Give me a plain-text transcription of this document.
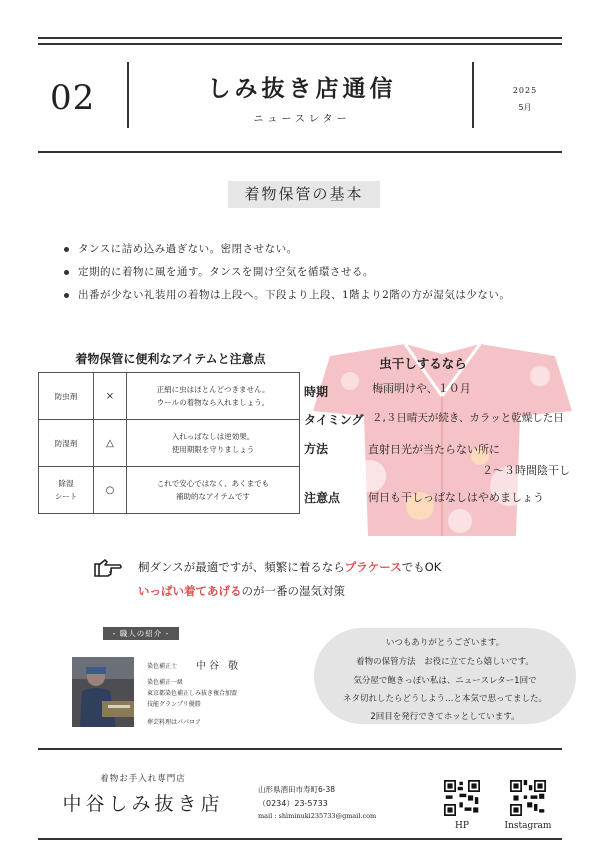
02	しみ抜き店通信
ニュースレター
2025
5月
着物保管の基本
タンスに詰め込み過ぎない。密閉させない。
定期的に着物に風を通す。タンスを開け空気を循環させる。
出番が少ない礼装用の着物は上段へ。下段より上段、1階より2階の方が湿気は少ない。
着物保管に便利なアイテムと注意点
防虫剤	×	正絹に虫はほとんどつきません。
ウールの着物なら入れましょう。
防湿剤	△	入れっぱなしは逆効果。
使用期限を守りましょう
除湿
シート	○	これで安心ではなく、あくまでも
補助的なアイテムです
虫干しするなら
時期	梅雨明けや、１０月
タイミング ２,３日晴天が続き、カラッと乾燥した日
方法	直射日光が当たらない所に
２～３時間陰干し
注意点	何日も干しっぱなしはやめましょう
桐ダンスが最適ですが、頻繁に着るならプラケースでもOK
いっぱい着てあげるのが一番の湿気対策
- 職人の紹介 -
染色補正士 中谷 敬
染色補正一級
東京都染色補正しみ抜き複合加盟
技能グランプリ優勝
葬芸料理はパパロア
いつもありがとうございます。
着物の保管方法　お役に立てたら嬉しいです。
気分屋で飽きっぽい私は、ニュースレター1回で
ネタ切れしたらどうしよう…と本気で思ってました。
2回目を発行できてホッとしています。
着物お手入れ専門店
中谷しみ抜き店
山形県酒田市寿町6-38
（0234）23-5733
mail : shiminuki235733@gmail.com
HP	Instagram
